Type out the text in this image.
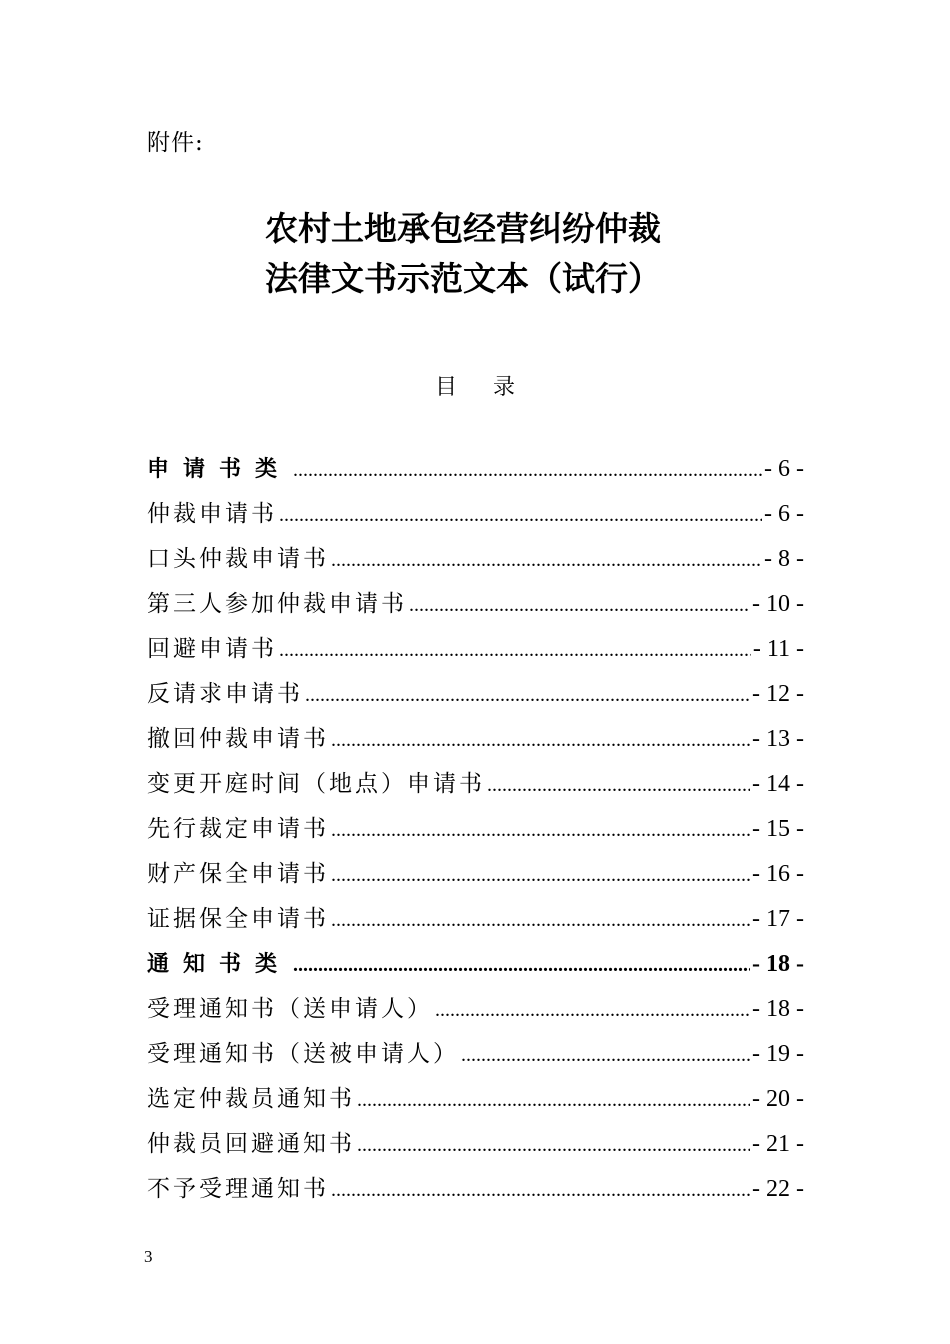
附件:
农村土地承包经营纠纷仲裁
法律文书示范文本（试行）
目 录
申请书类 .....	- 6 -
仲裁申请书 .....	- 6 -
口头仲裁申请书 .....	- 8 -
第三人参加仲裁申请书 .....	- 10 -
回避申请书 .....	- 11 -
反请求申请书 .....	- 12 -
撤回仲裁申请书 .....	- 13 -
变更开庭时间（地点）申请书 .....	- 14 -
先行裁定申请书 .....	- 15 -
财产保全申请书 .....	- 16 -
证据保全申请书 .....	- 17 -
通知书类 .....	- 18 -
受理通知书（送申请人） .....	- 18 -
受理通知书（送被申请人） .....	- 19 -
选定仲裁员通知书 .....	- 20 -
仲裁员回避通知书 .....	- 21 -
不予受理通知书 .....	- 22 -
3
